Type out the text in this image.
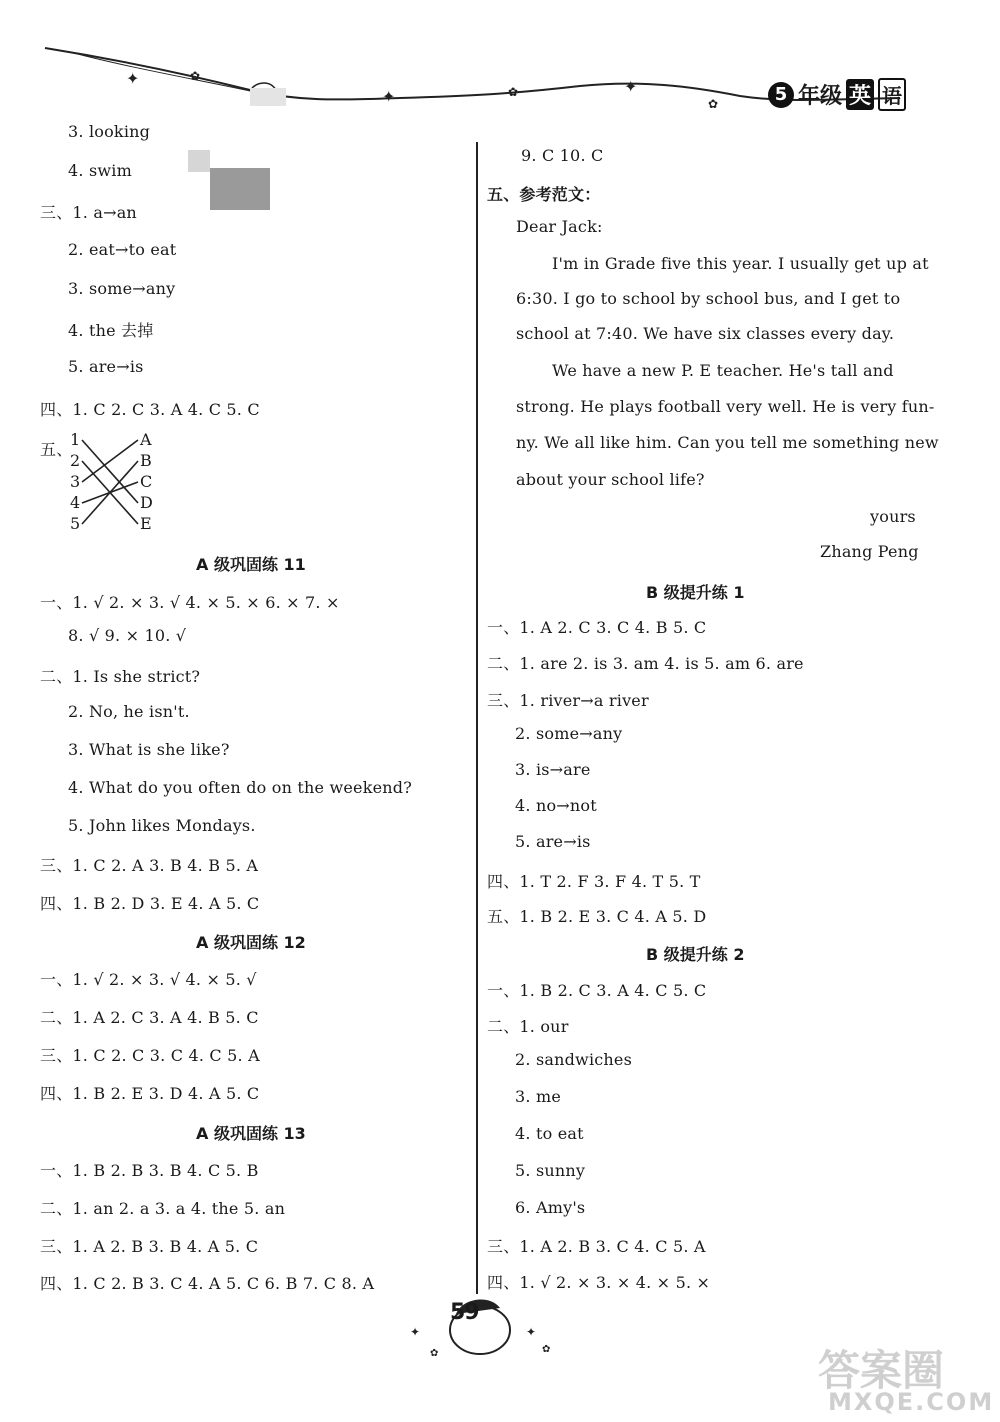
✦	✿
✦	✿	✦
✿	5 年级 英 语
3. looking
4. swim
三、1. a→an
2. eat→to eat
3. some→any
4. the 去掉
5. are→is
四、1. C 2. C 3. A 4. C 5. C
五、
1
2
3
4
5
A
B
C
D
E
A 级巩固练 11
一、1. √ 2. × 3. √ 4. × 5. × 6. × 7. ×
8. √ 9. × 10. √
二、1. Is she strict?
2. No, he isn't.
3. What is she like?
4. What do you often do on the weekend?
5. John likes Mondays.
三、1. C 2. A 3. B 4. B 5. A
四、1. B 2. D 3. E 4. A 5. C
A 级巩固练 12
一、1. √ 2. × 3. √ 4. × 5. √
二、1. A 2. C 3. A 4. B 5. C
三、1. C 2. C 3. C 4. C 5. A
四、1. B 2. E 3. D 4. A 5. C
A 级巩固练 13
一、1. B 2. B 3. B 4. C 5. B
二、1. an 2. a 3. a 4. the 5. an
三、1. A 2. B 3. B 4. A 5. C
四、1. C 2. B 3. C 4. A 5. C 6. B 7. C 8. A
9. C 10. C
五、参考范文：
Dear Jack:
I'm in Grade five this year. I usually get up at
6:30. I go to school by school bus, and I get to
school at 7:40. We have six classes every day.
We have a new P. E teacher. He's tall and
strong. He plays football very well. He is very fun-
ny. We all like him. Can you tell me something new
about your school life?
yours
Zhang Peng
B 级提升练 1
一、1. A 2. C 3. C 4. B 5. C
二、1. are 2. is 3. am 4. is 5. am 6. are
三、1. river→a river
2. some→any
3. is→are
4. no→not
5. are→is
四、1. T 2. F 3. F 4. T 5. T
五、1. B 2. E 3. C 4. A 5. D
B 级提升练 2
一、1. B 2. C 3. A 4. C 5. C
二、1. our
2. sandwiches
3. me
4. to eat
5. sunny
6. Amy's
三、1. A 2. B 3. C 4. C 5. A
四、1. √ 2. × 3. × 4. × 5. ×
✦
✿
✦
✿
59
答案圈
MXQE.COM
